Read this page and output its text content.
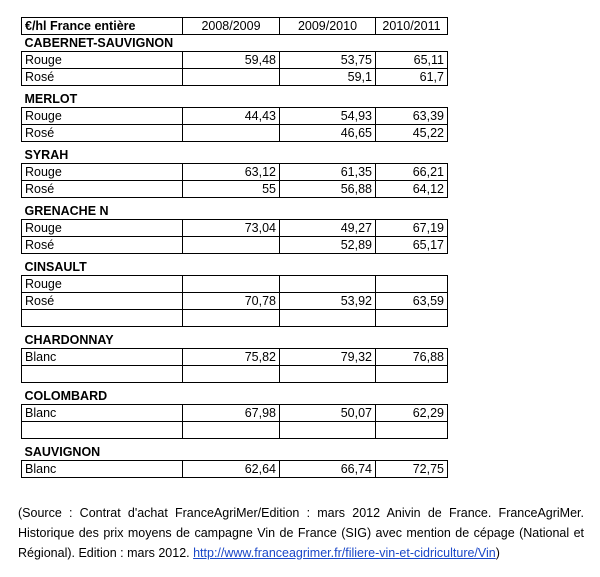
€/hl France entière	2008/2009	2009/2010	2010/2011
CABERNET-SAUVIGNON			
Rouge	59,48	53,75	65,11
Rosé		59,1	61,7

MERLOT			
Rouge	44,43	54,93	63,39
Rosé		46,65	45,22

SYRAH			
Rouge	63,12	61,35	66,21
Rosé	55	56,88	64,12

GRENACHE N			
Rouge	73,04	49,27	67,19
Rosé		52,89	65,17

CINSAULT			
Rouge			
Rosé	70,78	53,92	63,59

CHARDONNAY			
Blanc	75,82	79,32	76,88

COLOMBARD			
Blanc	67,98	50,07	62,29

SAUVIGNON			
Blanc	62,64	66,74	72,75
(Source : Contrat d'achat FranceAgriMer/Edition : mars 2012 Anivin de France. FranceAgriMer. Historique des prix moyens de campagne Vin de France (SIG) avec mention de cépage (National et Régional). Edition : mars 2012. http://www.franceagrimer.fr/filiere-vin-et-cidriculture/Vin)
